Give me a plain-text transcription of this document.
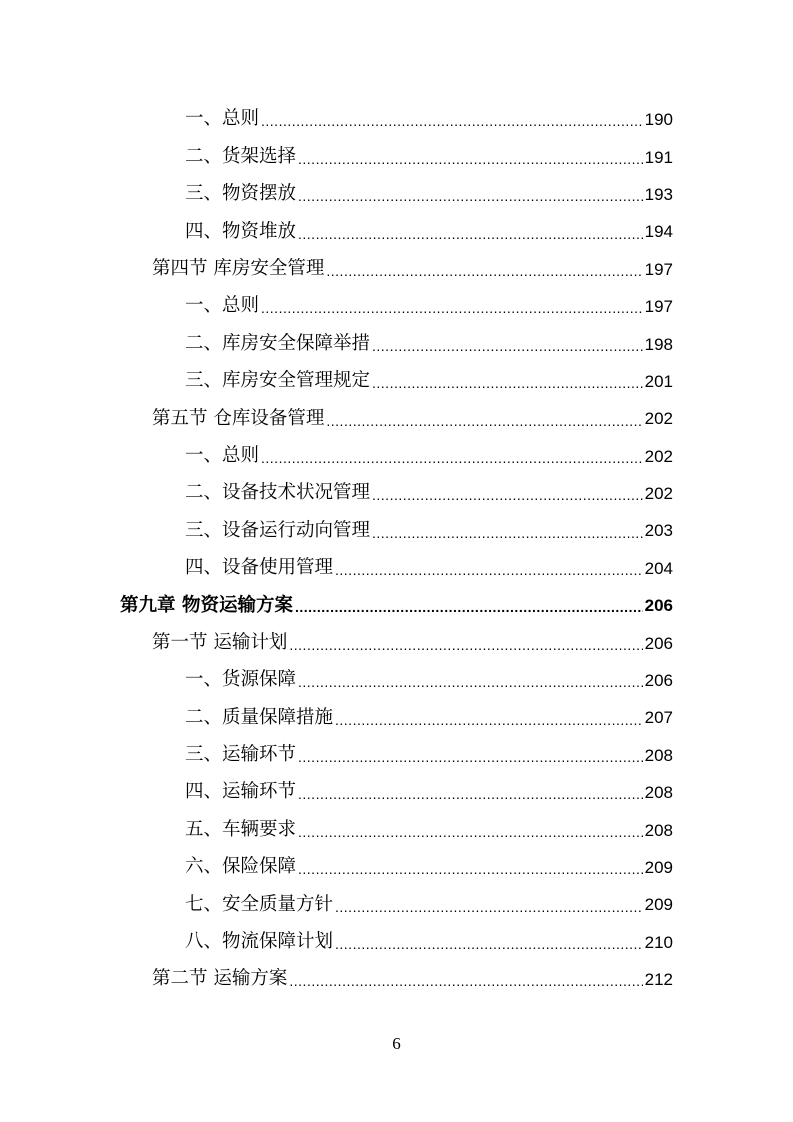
一、总则 .....	190
二、货架选择 .....	191
三、物资摆放 .....	193
四、物资堆放 .....	194
第四节 库房安全管理 .....	197
一、总则 .....	197
二、库房安全保障举措 .....	198
三、库房安全管理规定 .....	201
第五节 仓库设备管理 .....	202
一、总则 .....	202
二、设备技术状况管理 .....	202
三、设备运行动向管理 .....	203
四、设备使用管理 .....	204
第九章 物资运输方案 .....	206
第一节 运输计划 .....	206
一、货源保障 .....	206
二、质量保障措施 .....	207
三、运输环节 .....	208
四、运输环节 .....	208
五、车辆要求 .....	208
六、保险保障 .....	209
七、安全质量方针 .....	209
八、物流保障计划 .....	210
第二节 运输方案 .....	212
6
